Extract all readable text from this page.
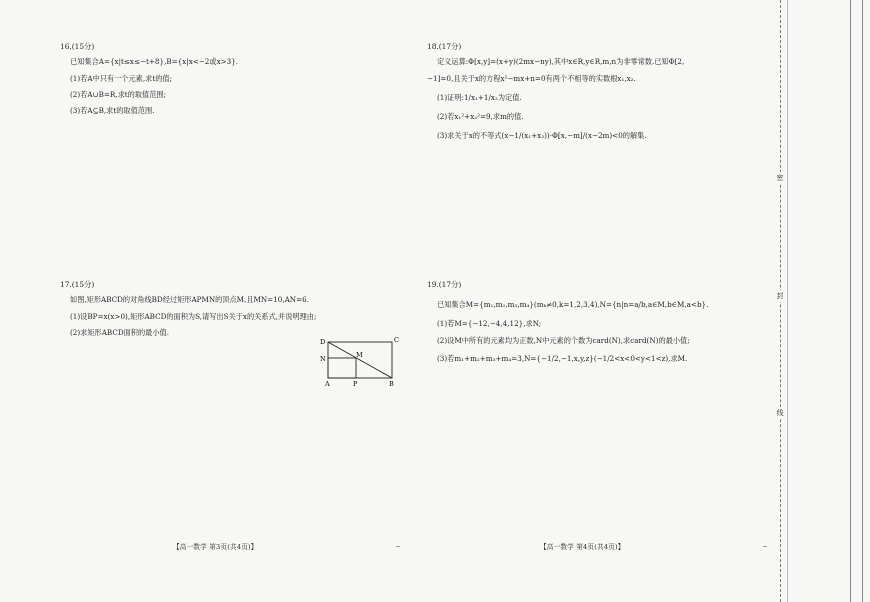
16.(15分)
已知集合A={x|t≤x≤−t+8},B={x|x<−2或x>3}.
(1)若A中只有一个元素,求t的值;
(2)若A∪B=R,求t的取值范围;
(3)若A⊆B,求t的取值范围.
17.(15分)
如图,矩形ABCD的对角线BD经过矩形APMN的顶点M,且MN=10,AN=6.
(1)设BP=x(x>0),矩形ABCD的面积为S,请写出S关于x的关系式,并说明理由;
(2)求矩形ABCD面积的最小值.
D	C
N	M
A	P	B
【高一数学 第3页(共4页)】
18.(17分)
定义运算:Φ[x,y]=(x+y)(2mx−ny),其中x∈R,y∈R,m,n为非零常数.已知Φ[2,
−1]=0,且关于x的方程x²−mx+n=0有两个不相等的实数根x₁,x₂.
(1)证明:1/x₁+1/x₂为定值.
(2)若x₁²+x₂²=9,求m的值.
(3)求关于x的不等式(x−1/(x₁+x₂))·Φ[x,−m]/(x−2m)<0的解集.
19.(17分)
已知集合M={m₁,m₂,m₃,m₄}(mₖ≠0,k=1,2,3,4),N={n|n=a/b,a∈M,b∈M,a<b}.
(1)若M={−12,−4,4,12},求N;
(2)设M中所有的元素均为正数,N中元素的个数为card(N),求card(N)的最小值;
(3)若m₁+m₂+m₃+m₄=3,N={−1/2,−1,x,y,z}(−1/2<x<0<y<1<z),求M.
【高一数学 第4页(共4页)】
密
封
线
